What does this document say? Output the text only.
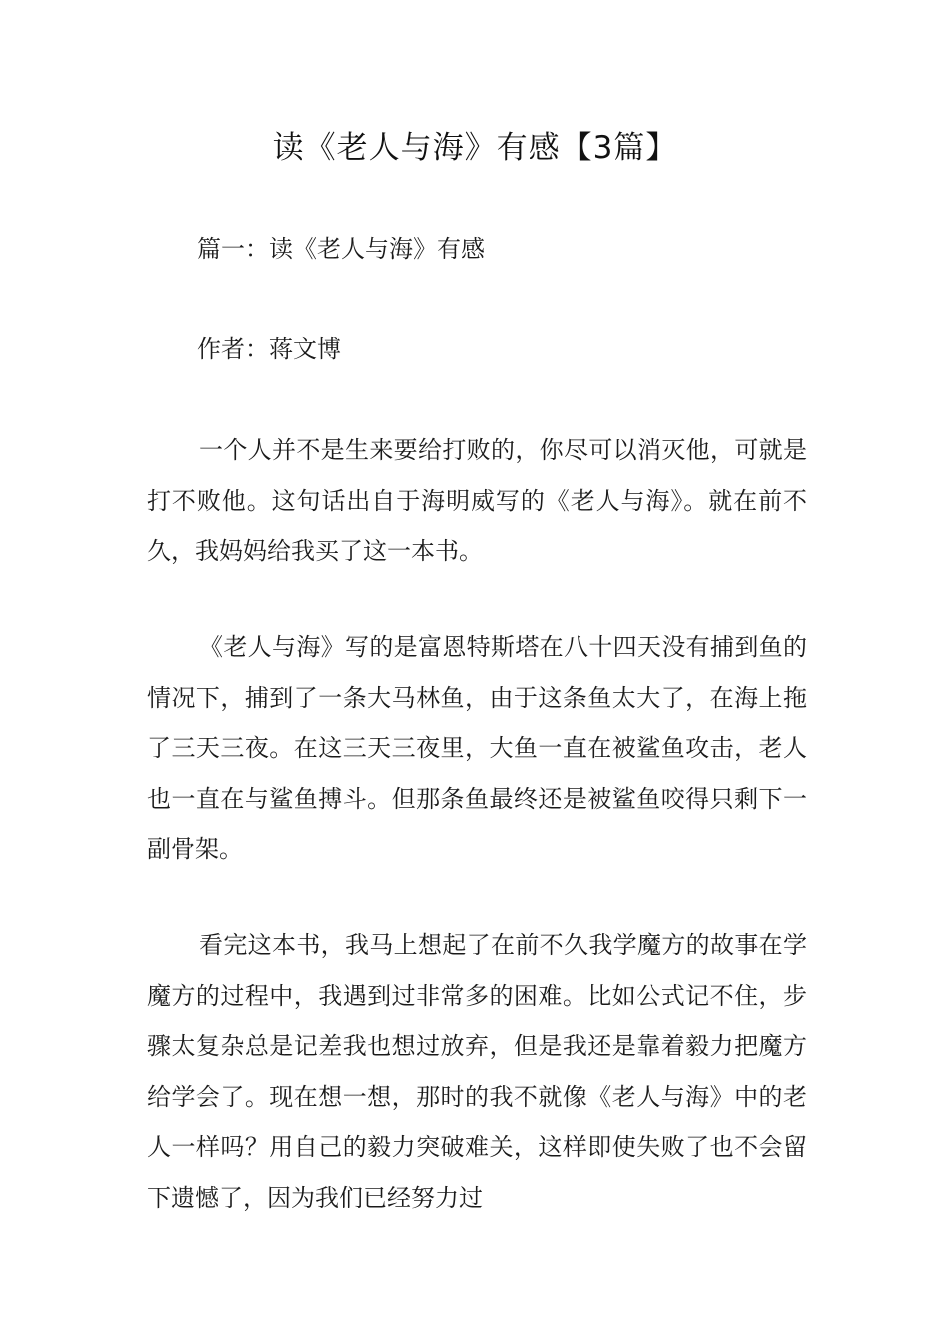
读《老人与海》有感【3篇】
篇一：读《老人与海》有感
作者：蒋文博

一个人并不是生来要给打败的，你尽可以消灭他，可就是打不败他。这句话出自于海明威写的《老人与海》。就在前不久，我妈妈给我买了这一本书。

《老人与海》写的是富恩特斯塔在八十四天没有捕到鱼的情况下，捕到了一条大马林鱼，由于这条鱼太大了，在海上拖了三天三夜。在这三天三夜里，大鱼一直在被鲨鱼攻击，老人也一直在与鲨鱼搏斗。但那条鱼最终还是被鲨鱼咬得只剩下一副骨架。

看完这本书，我马上想起了在前不久我学魔方的故事在学魔方的过程中，我遇到过非常多的困难。比如公式记不住，步骤太复杂总是记差我也想过放弃，但是我还是靠着毅力把魔方给学会了。现在想一想，那时的我不就像《老人与海》中的老人一样吗？用自己的毅力突破难关，这样即使失败了也不会留下遗憾了，因为我们已经努力过
